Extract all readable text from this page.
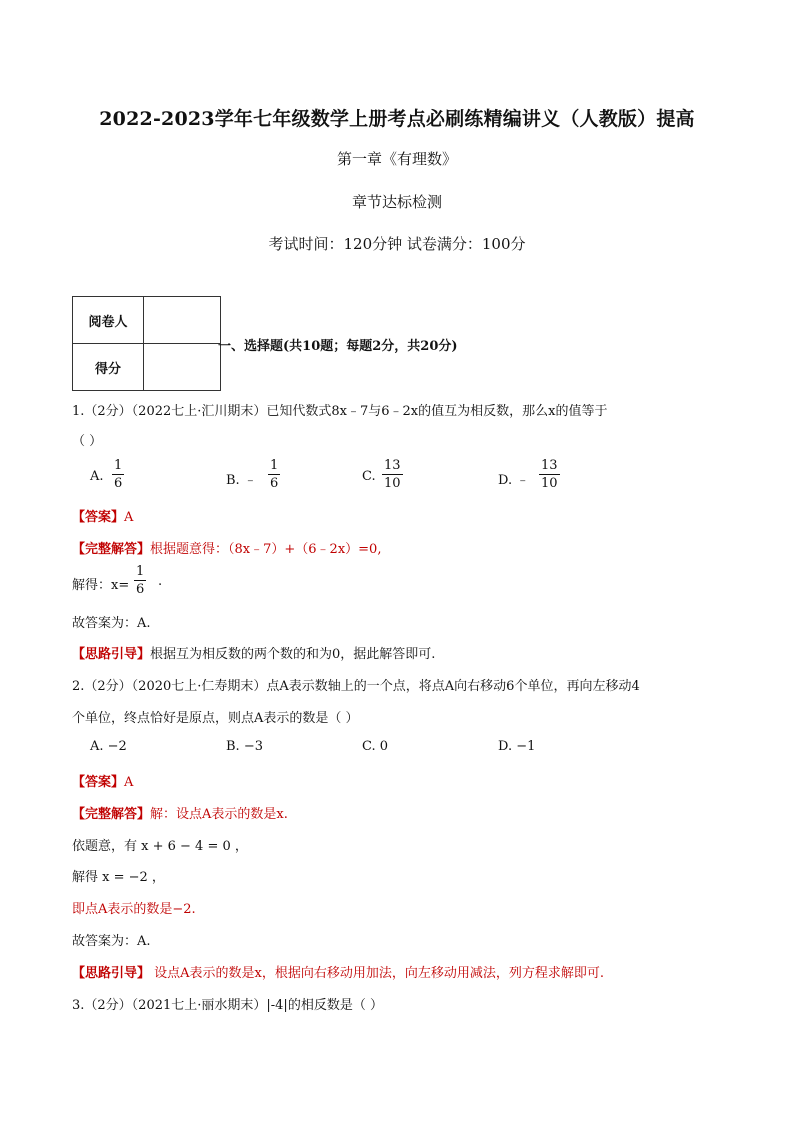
2022-2023学年七年级数学上册考点必刷练精编讲义（人教版）提高
第一章《有理数》
章节达标检测
考试时间：120分钟 试卷满分：100分
阅卷人	
得分	
一、选择题(共10题；每题2分，共20分)
1.（2分）（2022七上·汇川期末）已知代数式8x﹣7与6﹣2x的值互为相反数，那么x的值等于
（ ）
A. $\frac{1}{6}$	B. ﹣ $\frac{1}{6}$	C. $\frac{13}{10}$	D. ﹣ $\frac{13}{10}$
【答案】A
【完整解答】根据题意得：（8x﹣7）+（6﹣2x）=0,
解得：$x= \frac{1}{6}$ .
故答案为：A.
【思路引导】根据互为相反数的两个数的和为0，据此解答即可.
2.（2分）（2020七上·仁寿期末）点A表示数轴上的一个点，将点A向右移动6个单位，再向左移动4
个单位，终点恰好是原点，则点A表示的数是（ ）
A. −2	B. −3	C. 0	D. −1
【答案】A
【完整解答】解：设点A表示的数是x.
依题意，有 x + 6 − 4 = 0 ，
解得 x = −2 ，
即点A表示的数是−2.
故答案为：A.
【思路引导】 设点A表示的数是x，根据向右移动用加法，向左移动用减法，列方程求解即可.
3.（2分）（2021七上·丽水期末）|-4|的相反数是（ ）
